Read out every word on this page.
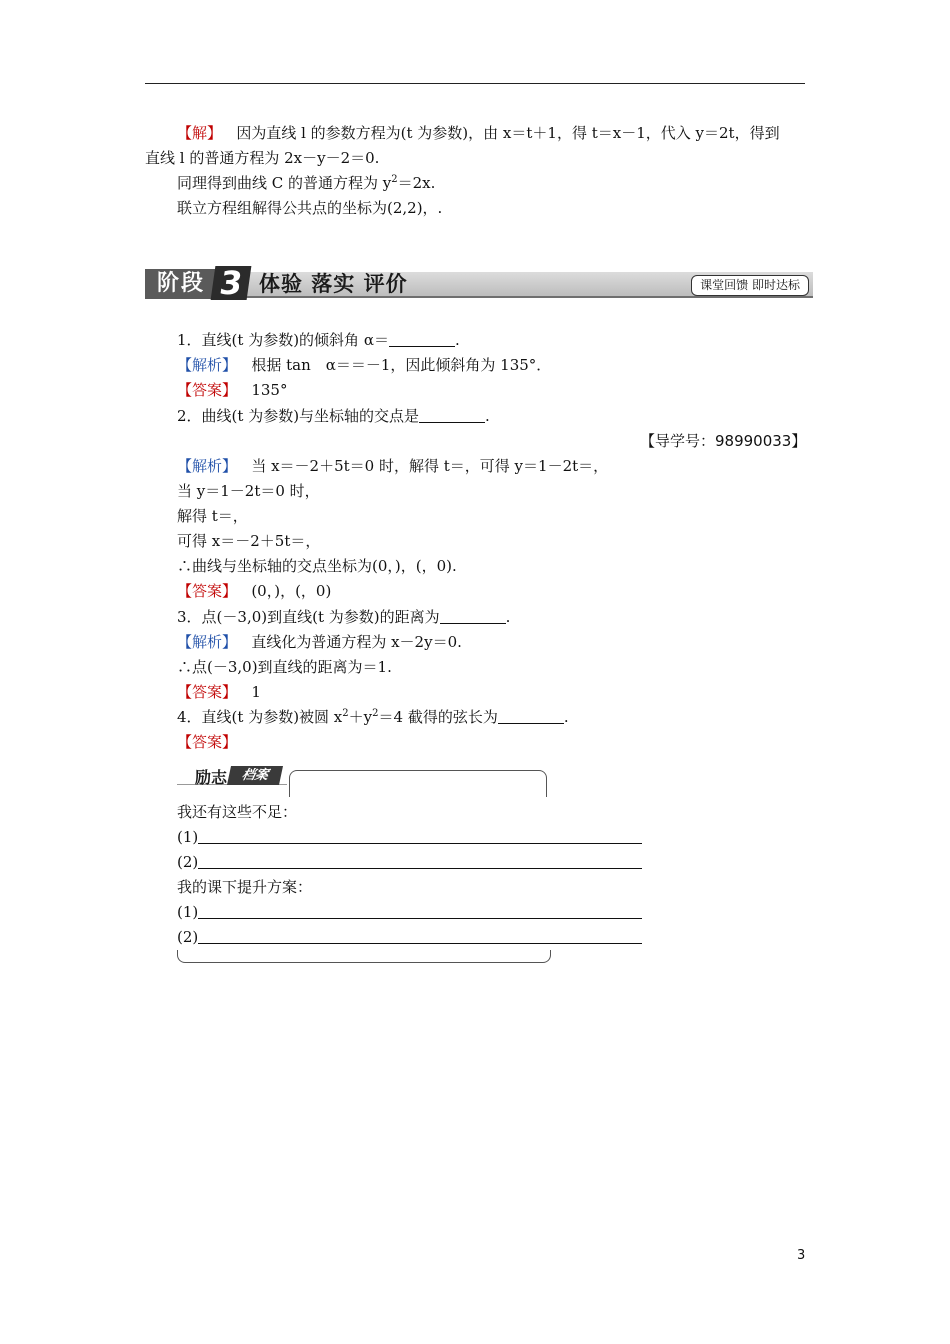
【解】 因为直线 l 的参数方程为(t 为参数)，由 x＝t＋1，得 t＝x－1，代入 y＝2t，得到
直线 l 的普通方程为 2x－y－2＝0.
同理得到曲线 C 的普通方程为 $y^2=2x$.
联立方程组解得公共点的坐标为(2,2)，.
阶段 3 体验 落实 评价	课堂回馈 即时达标
1．直线(t 为参数)的倾斜角 α＝	.
【解析】 根据 tan　α＝＝－1，因此倾斜角为 135°．
【答案】 135°
2．曲线(t 为参数)与坐标轴的交点是	.
【导学号：98990033】
【解析】 当 x＝－2＋5t＝0 时，解得 t＝，可得 y＝1－2t＝，
当 y＝1－2t＝0 时，
解得 t＝，
可得 x＝－2＋5t＝，
∴曲线与坐标轴的交点坐标为(0，)，(，0).
【答案】 (0，)，(，0)
3．点(－3,0)到直线(t 为参数)的距离为	.
【解析】 直线化为普通方程为 x－2y＝0.
∴点(－3,0)到直线的距离为＝1.
【答案】 1
4．直线(t 为参数)被圆 $x^2+y^2=4$ 截得的弦长为	.
【答案】
励志	档案
我还有这些不足：
(1)
(2)
我的课下提升方案：
(1)
(2)
3
